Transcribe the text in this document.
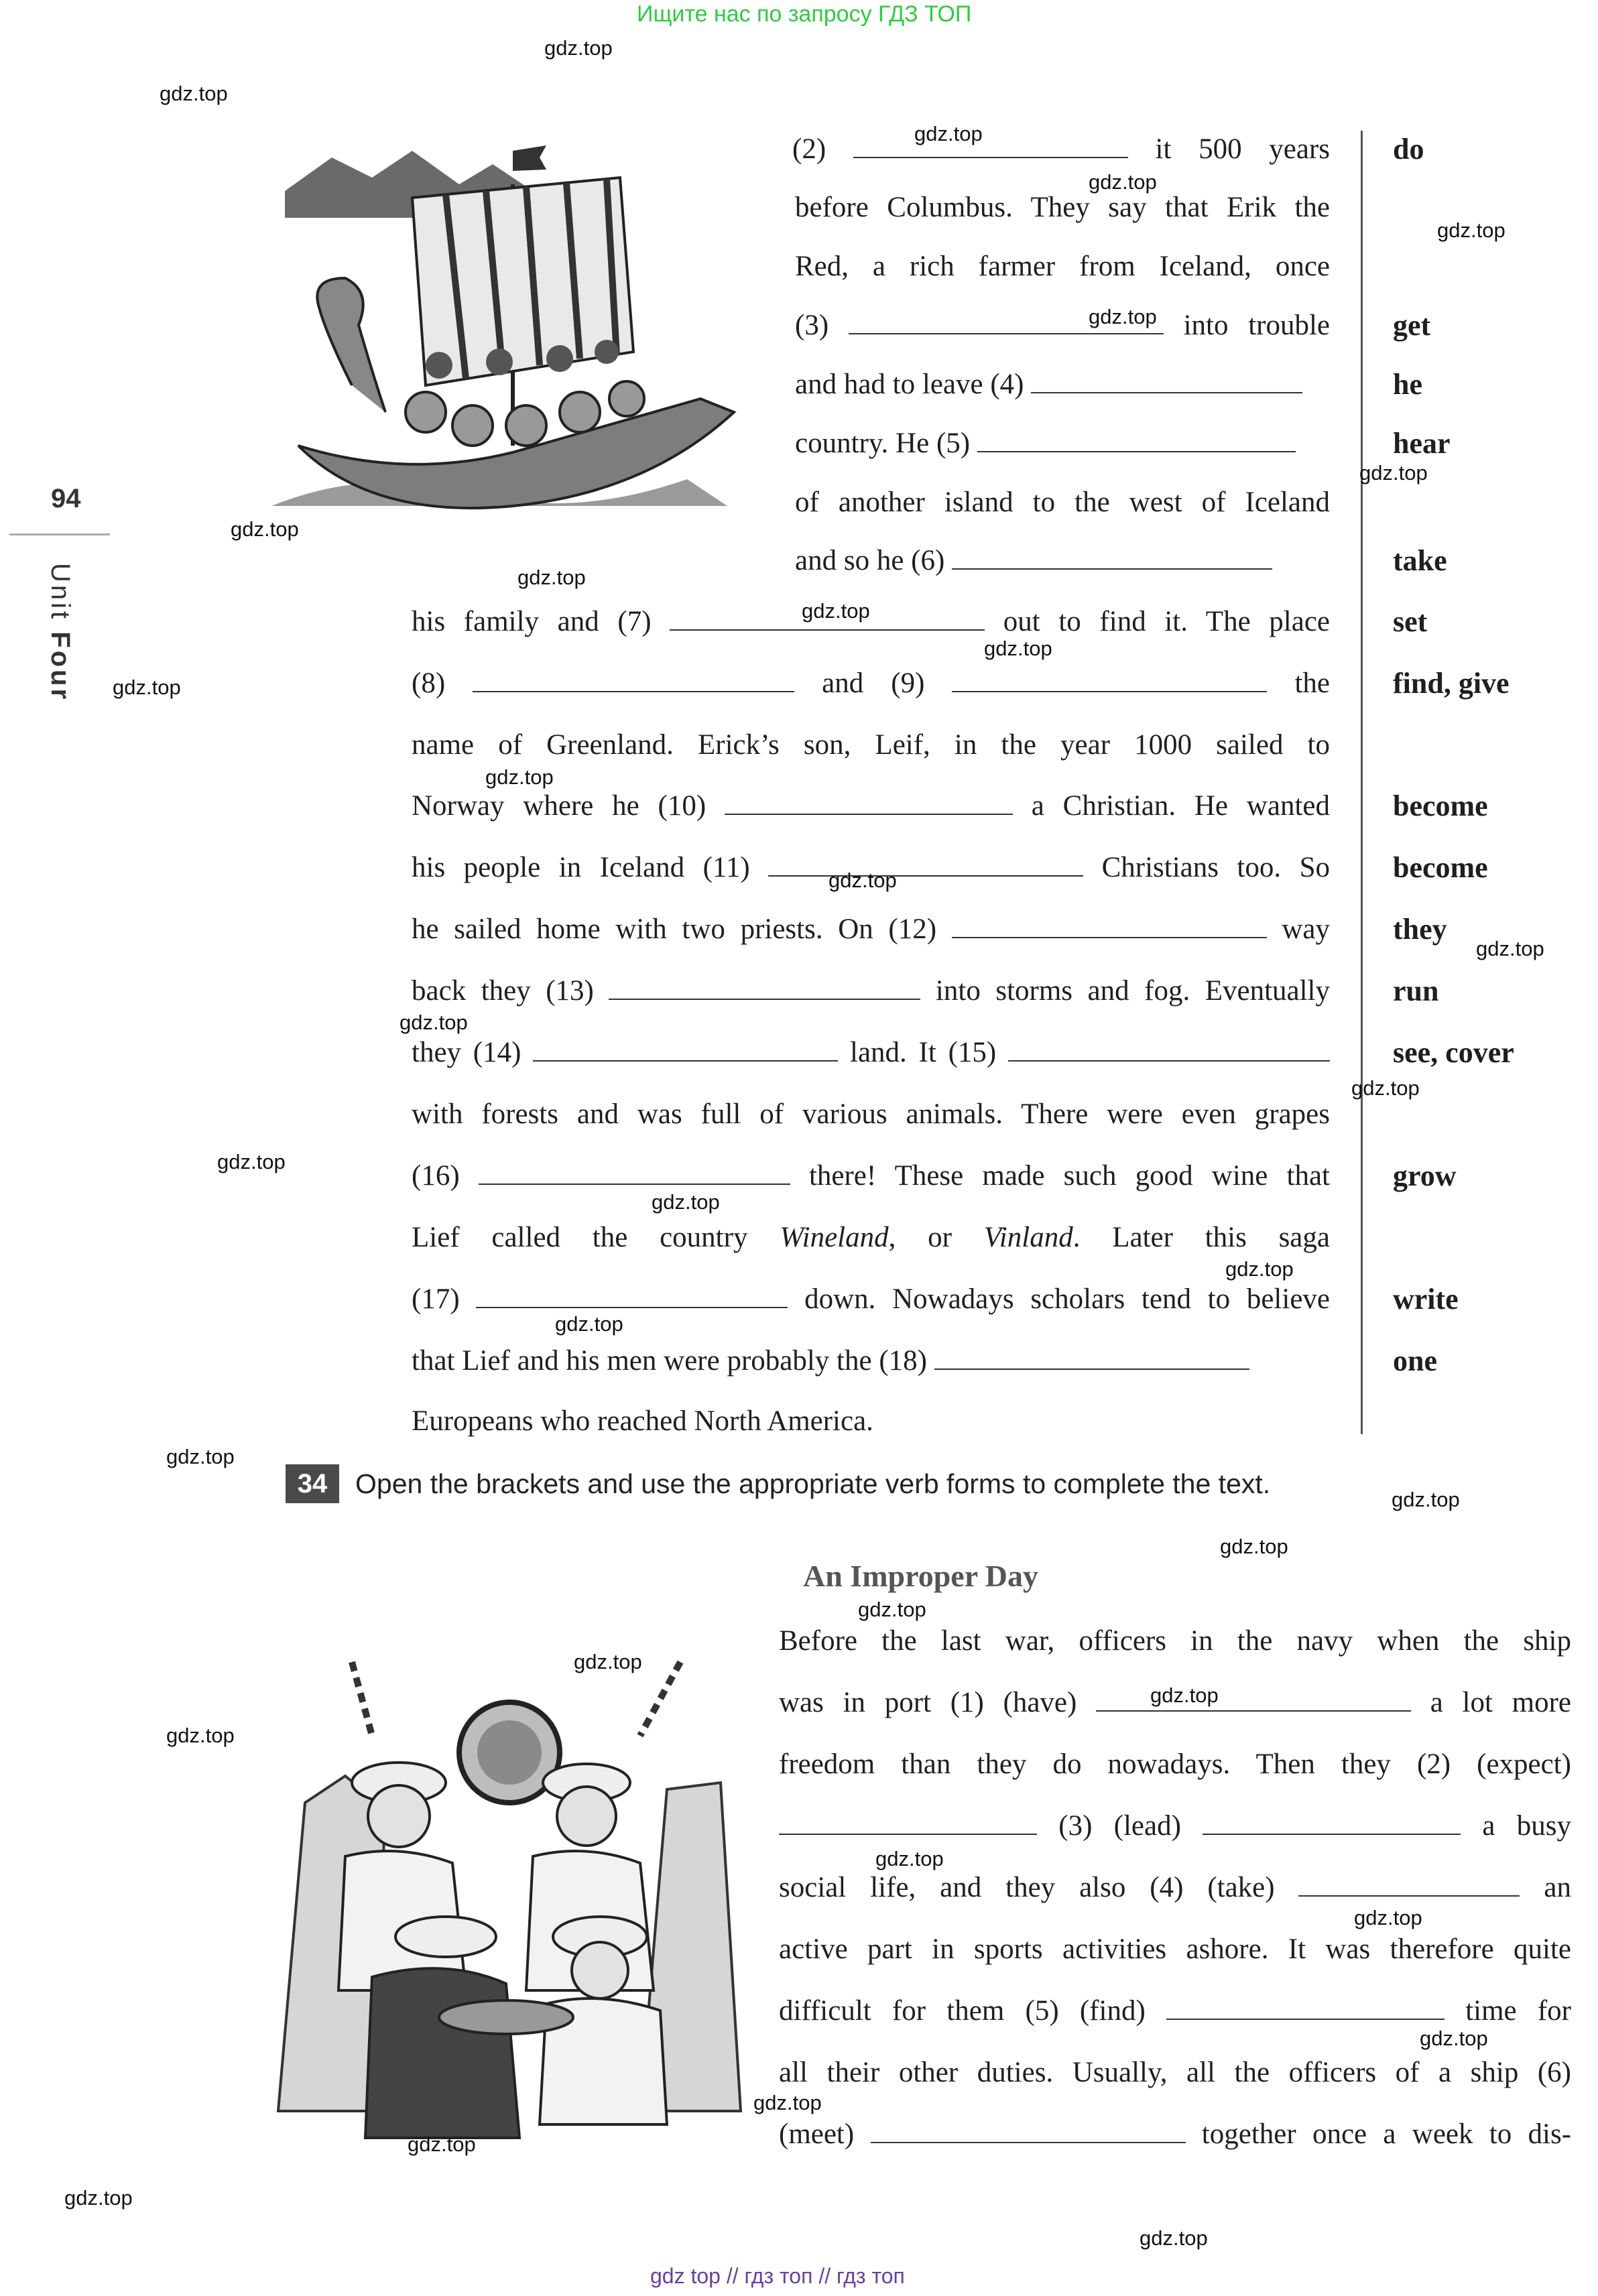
Ищите нас по запросу ГДЗ ТОП
gdz top // гдз топ // гдз топ
94
Unit Four
(2)	it 500 years
before Columbus. They say that Erik the
Red, a rich farmer from Iceland, once
(3)	into trouble
and had to leave (4)
country. He (5)
of another island to the west of Iceland
and so he (6)
his family and (7)	out to find it. The place
(8)	and (9)	the
name of Greenland. Erick’s son, Leif, in the year 1000 sailed to
Norway where he (10)	a Christian. He wanted
his people in Iceland (11)	Christians too. So
he sailed home with two priests. On (12)	way
back they (13)	into storms and fog. Eventually
they (14)	land. It (15)
with forests and was full of various animals. There were even grapes
(16)	there! These made such good wine that
Lief called the country Wineland, or Vinland. Later this saga
(17)	down. Nowadays scholars tend to believe
that Lief and his men were probably the (18)
Europeans who reached North America.
do
get
he
hear
take
set
find, give
become
become
they
run
see, cover
grow
write
one
34	Open the brackets and use the appropriate verb forms to complete the text.
An Improper Day
Before the last war, officers in the navy when the ship
was in port (1) (have)	a lot more
freedom than they do nowadays. Then they (2) (expect)
(3) (lead)	a busy
social life, and they also (4) (take)	an
active part in sports activities ashore. It was therefore quite
difficult for them (5) (find)	time for
all their other duties. Usually, all the officers of a ship (6)
(meet)	together once a week to dis-
gdz.top
gdz.top
gdz.top
gdz.top
gdz.top
gdz.top
gdz.top
gdz.top
gdz.top
gdz.top
gdz.top
gdz.top
gdz.top
gdz.top
gdz.top
gdz.top
gdz.top
gdz.top
gdz.top
gdz.top
gdz.top
gdz.top
gdz.top
gdz.top
gdz.top
gdz.top
gdz.top
gdz.top
gdz.top
gdz.top
gdz.top
gdz.top
gdz.top
gdz.top
gdz.top
